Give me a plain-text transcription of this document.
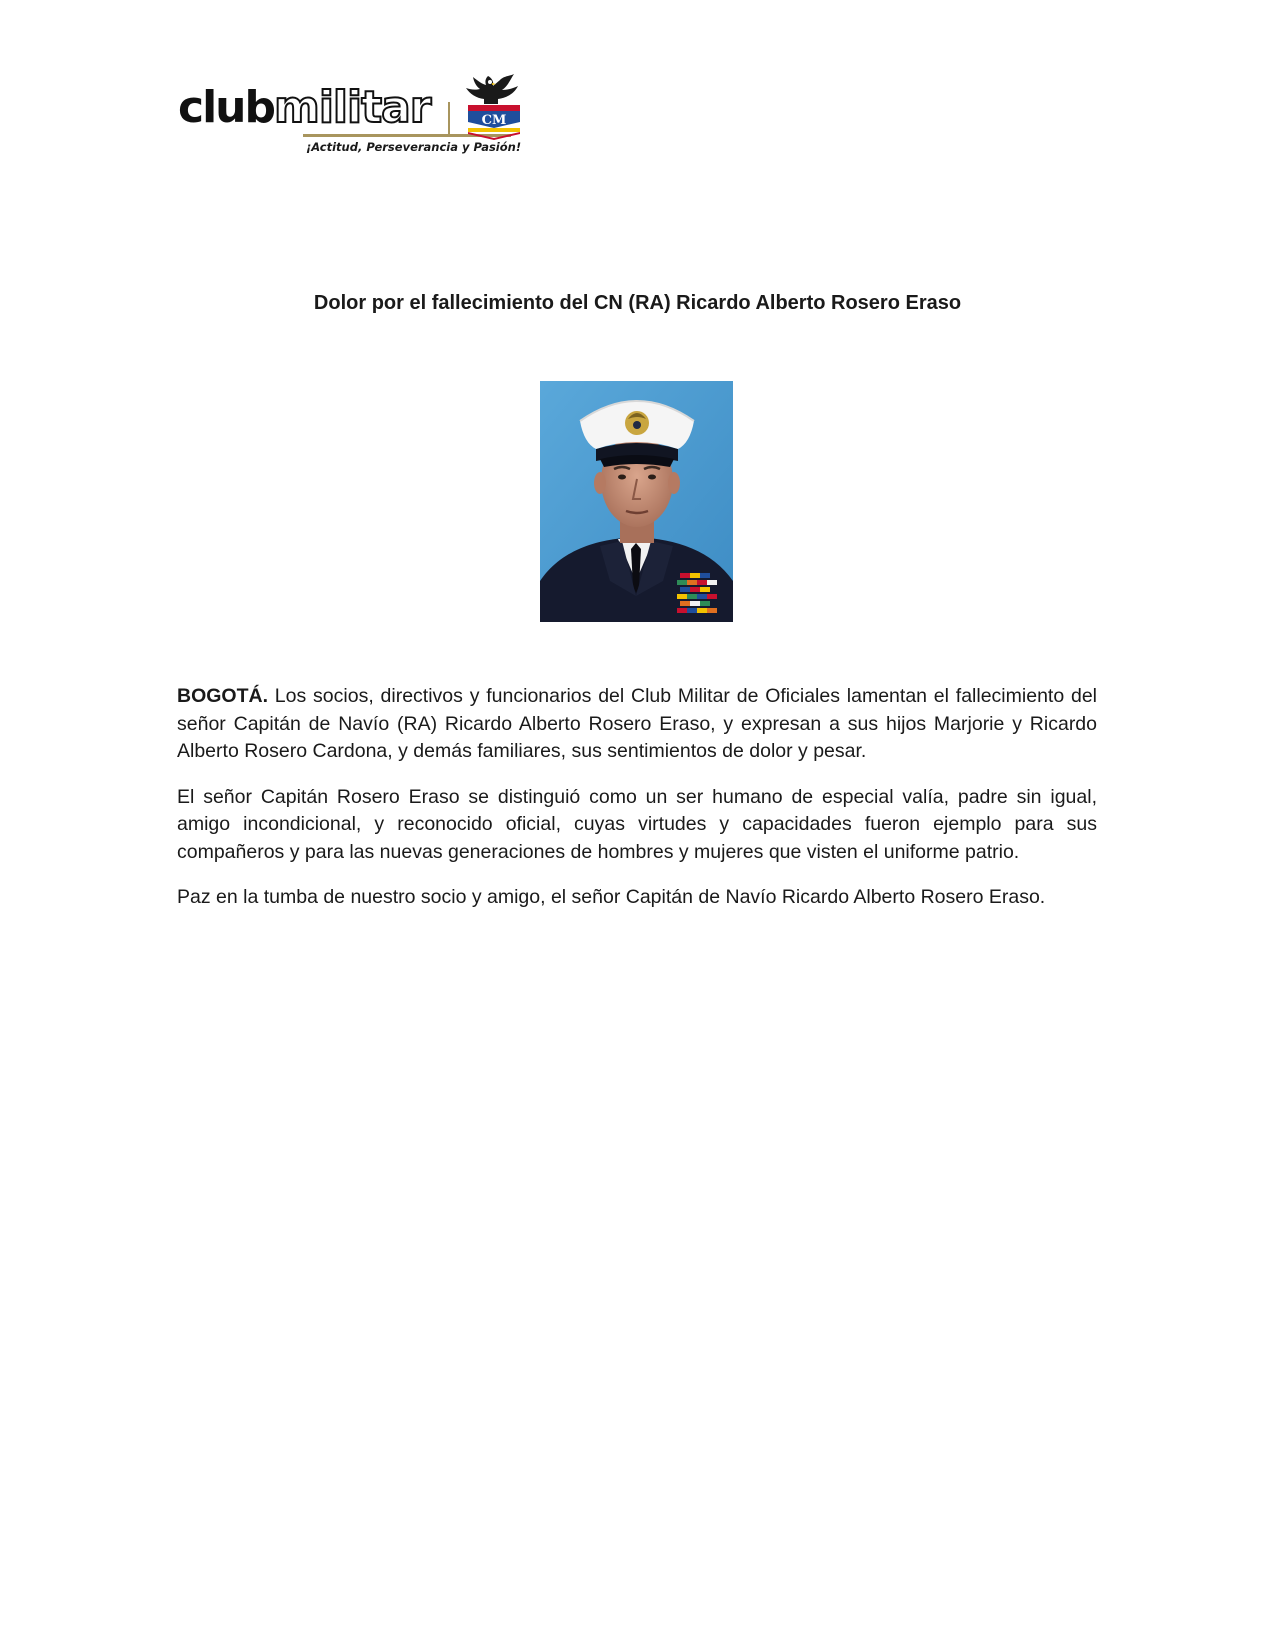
clubmilitar
¡Actitud, Perseverancia y Pasión!
CM
Dolor por el fallecimiento del CN (RA) Ricardo Alberto Rosero Eraso

BOGOTÁ. Los socios, directivos y funcionarios del Club Militar de Oficiales lamentan el fallecimiento del señor Capitán de Navío (RA) Ricardo Alberto Rosero Eraso, y expresan a sus hijos Marjorie y Ricardo Alberto Rosero Cardona, y demás familiares, sus sentimientos de dolor y pesar.

El señor Capitán Rosero Eraso se distinguió como un ser humano de especial valía, padre sin igual, amigo incondicional, y reconocido oficial, cuyas virtudes y capacidades fueron ejemplo para sus compañeros y para las nuevas generaciones de hombres y mujeres que visten el uniforme patrio.

Paz en la tumba de nuestro socio y amigo, el señor Capitán de Navío Ricardo Alberto Rosero Eraso.
